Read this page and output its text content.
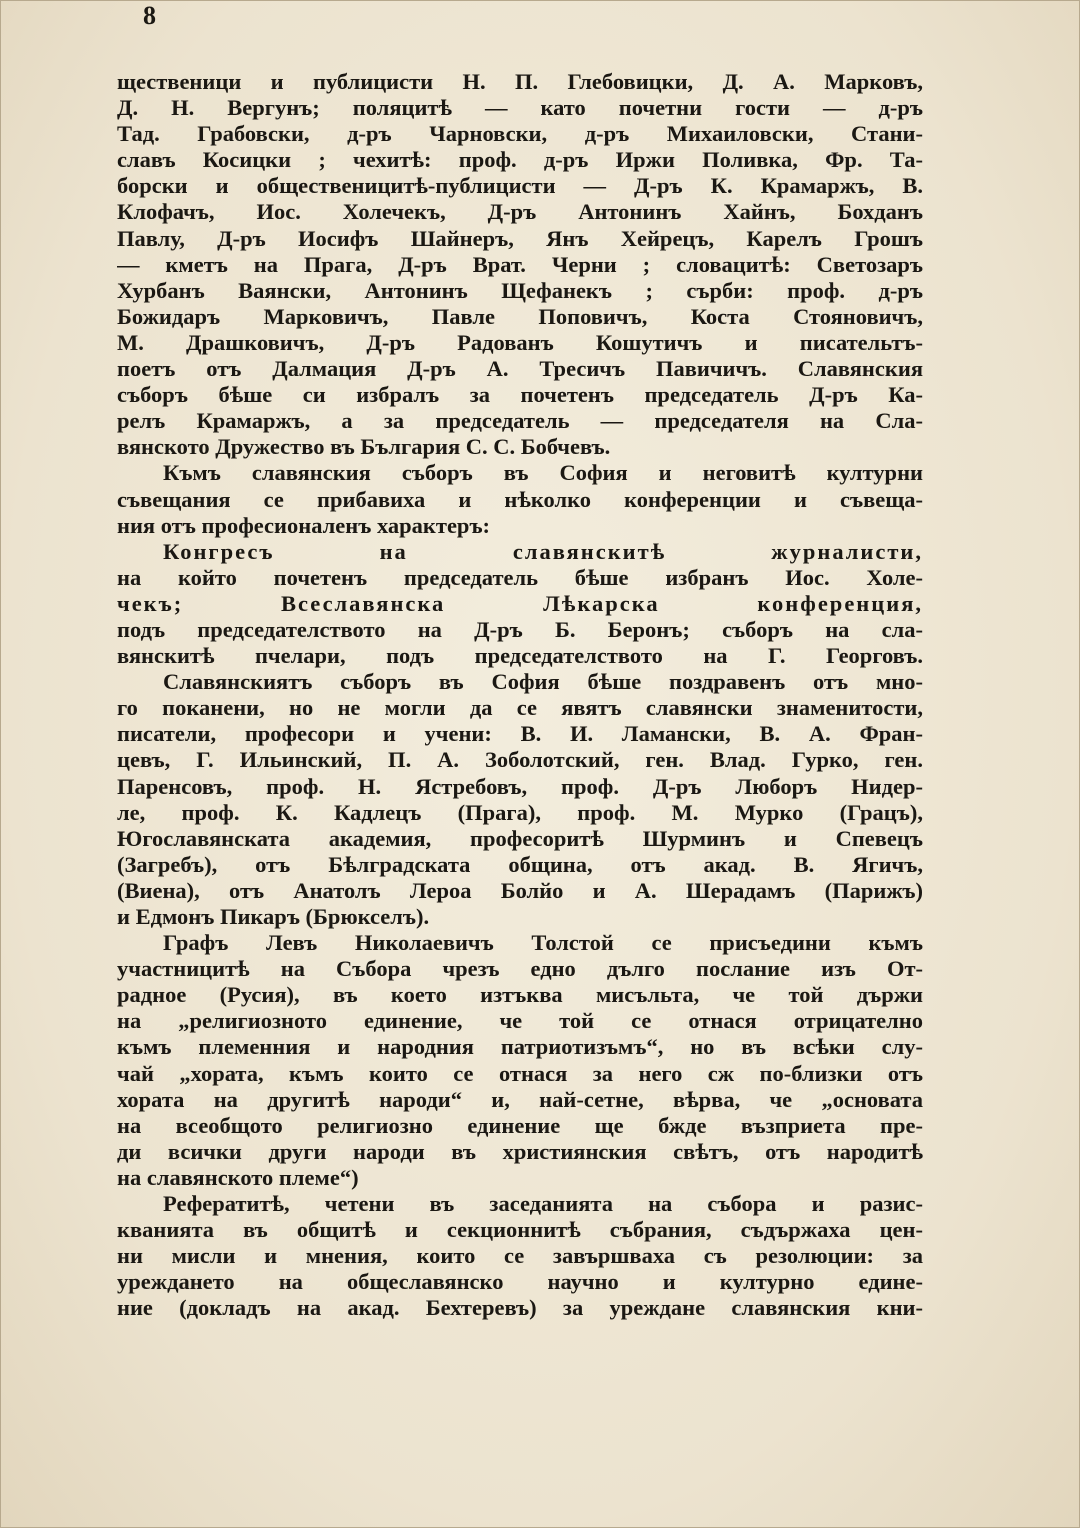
8
щественици и публицисти Н. П. Глебовицки, Д. А. Марковъ,
Д. Н. Вергунъ; поляцитѣ — като почетни гости — д-ръ
Тад. Грабовски, д-ръ Чарновски, д-ръ Михаиловски, Стани-
славъ Косицки ; чехитѣ: проф. д-ръ Иржи Поливка, Фр. Та-
борски и общественицитѣ-публицисти — Д-ръ К. Крамаржъ, В.
Клофачъ, Иос. Холечекъ, Д-ръ Антонинъ Хайнъ, Бохданъ
Павлу, Д-ръ Иосифъ Шайнеръ, Янъ Хейрецъ, Карелъ Грошъ
— кметъ на Прага, Д-ръ Врат. Черни ; словацитѣ: Светозаръ
Хурбанъ Ваянски, Антонинъ Щефанекъ ; сърби: проф. д-ръ
Божидаръ Марковичъ, Павле Поповичъ, Коста Стояновичъ,
М. Драшковичъ, Д-ръ Радованъ Кошутичъ и писательтъ-
поетъ отъ Далмация Д-ръ А. Тресичъ Павичичъ. Славянския
съборъ бѣше си избралъ за почетенъ председатель Д-ръ Ка-
релъ Крамаржъ, а за председатель — председателя на Сла-
вянското Дружество въ България С. С. Бобчевъ.
Къмъ славянския съборъ въ София и неговитѣ културни
съвещания се прибавиха и нѣколко конференции и съвеща-
ния отъ професионаленъ характеръ:
Конгресъ на славянскитѣ журналисти,
на който почетенъ председатель бѣше избранъ Иос. Холе-
чекъ; Всеславянска Лѣкарска конференция,
подъ председателството на Д-ръ Б. Беронъ; съборъ на сла-
вянскитѣ пчелари, подъ председателството на Г. Георговъ.
Славянскиятъ съборъ въ София бѣше поздравенъ отъ мно-
го поканени, но не могли да се явятъ славянски знаменитости,
писатели, професори и учени: В. И. Ламански, В. А. Фран-
цевъ, Г. Ильинский, П. А. Зоболотский, ген. Влад. Гурко, ген.
Паренсовъ, проф. Н. Ястребовъ, проф. Д-ръ Люборъ Нидер-
ле, проф. К. Кадлецъ (Прага), проф. М. Мурко (Грацъ),
Югославянската академия, професоритѣ Шурминъ и Спевецъ
(Загребъ), отъ Бѣлградската община, отъ акад. В. Ягичъ,
(Виена), отъ Анатолъ Лероа Болйо и А. Шерадамъ (Парижъ)
и Едмонъ Пикаръ (Брюкселъ).
Графъ Левъ Николаевичъ Толстой се присъедини къмъ
участницитѣ на Събора чрезъ едно дълго послание изъ От-
радное (Русия), въ което изтъква мисъльта, че той държи
на „религиозното единение, че той се отнася отрицателно
къмъ племенния и народния патриотизъмъ“, но въ всѣки слу-
чай „хората, къмъ които се отнася за него сж по-близки отъ
хората на другитѣ народи“ и, най-сетне, вѣрва, че „основата
на всеобщото религиозно единение ще бжде възприета пре-
ди всички други народи въ християнския свѣтъ, отъ народитѣ
на славянското племе“)
Рефератитѣ, четени въ заседанията на събора и разис-
кванията въ общитѣ и секционнитѣ събрания, съдържаха цен-
ни мисли и мнения, които се завършваха съ резолюции: за
уреждането на общеславянско научно и културно едине-
ние (докладъ на акад. Бехтеревъ) за уреждане славянския кни-
